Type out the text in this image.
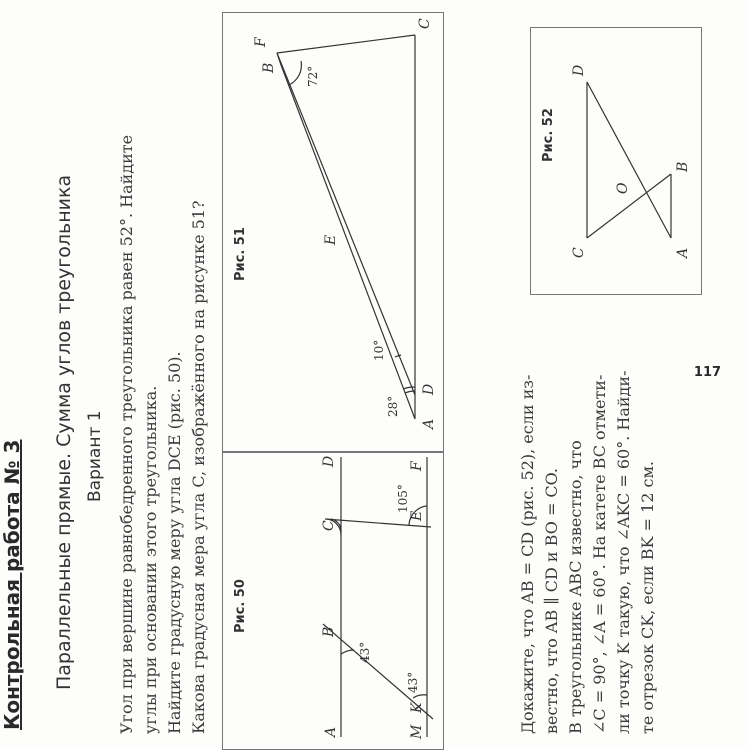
Контрольная работа № 3 Параллельные прямые. Сумма углов треугольника Вариант 1 Угол при вершине равнобедренного треугольника равен 52°. Найдите углы при основании этого треугольника. Найдите градусную меру угла DCE (рис. 50). Какова градусная мера угла C, изображённого на рисунке 51? Рис. 50
A
B
C
D
M
K
E
F
43°
43°
105°
Рис. 51
A
D
E
B
F
C
28°
10°
72°
Докажите, что AB = CD (рис. 52), если из- вестно, что AB ∥ CD и BO = CO. В треугольнике ABC известно, что ∠C = 90°, ∠A = 60°. На катете BC отмети- ли точку K такую, что ∠AKC = 60°. Найди- те отрезок CK, если BK = 12 см.
Рис. 52
C
D
O
A
B
117
